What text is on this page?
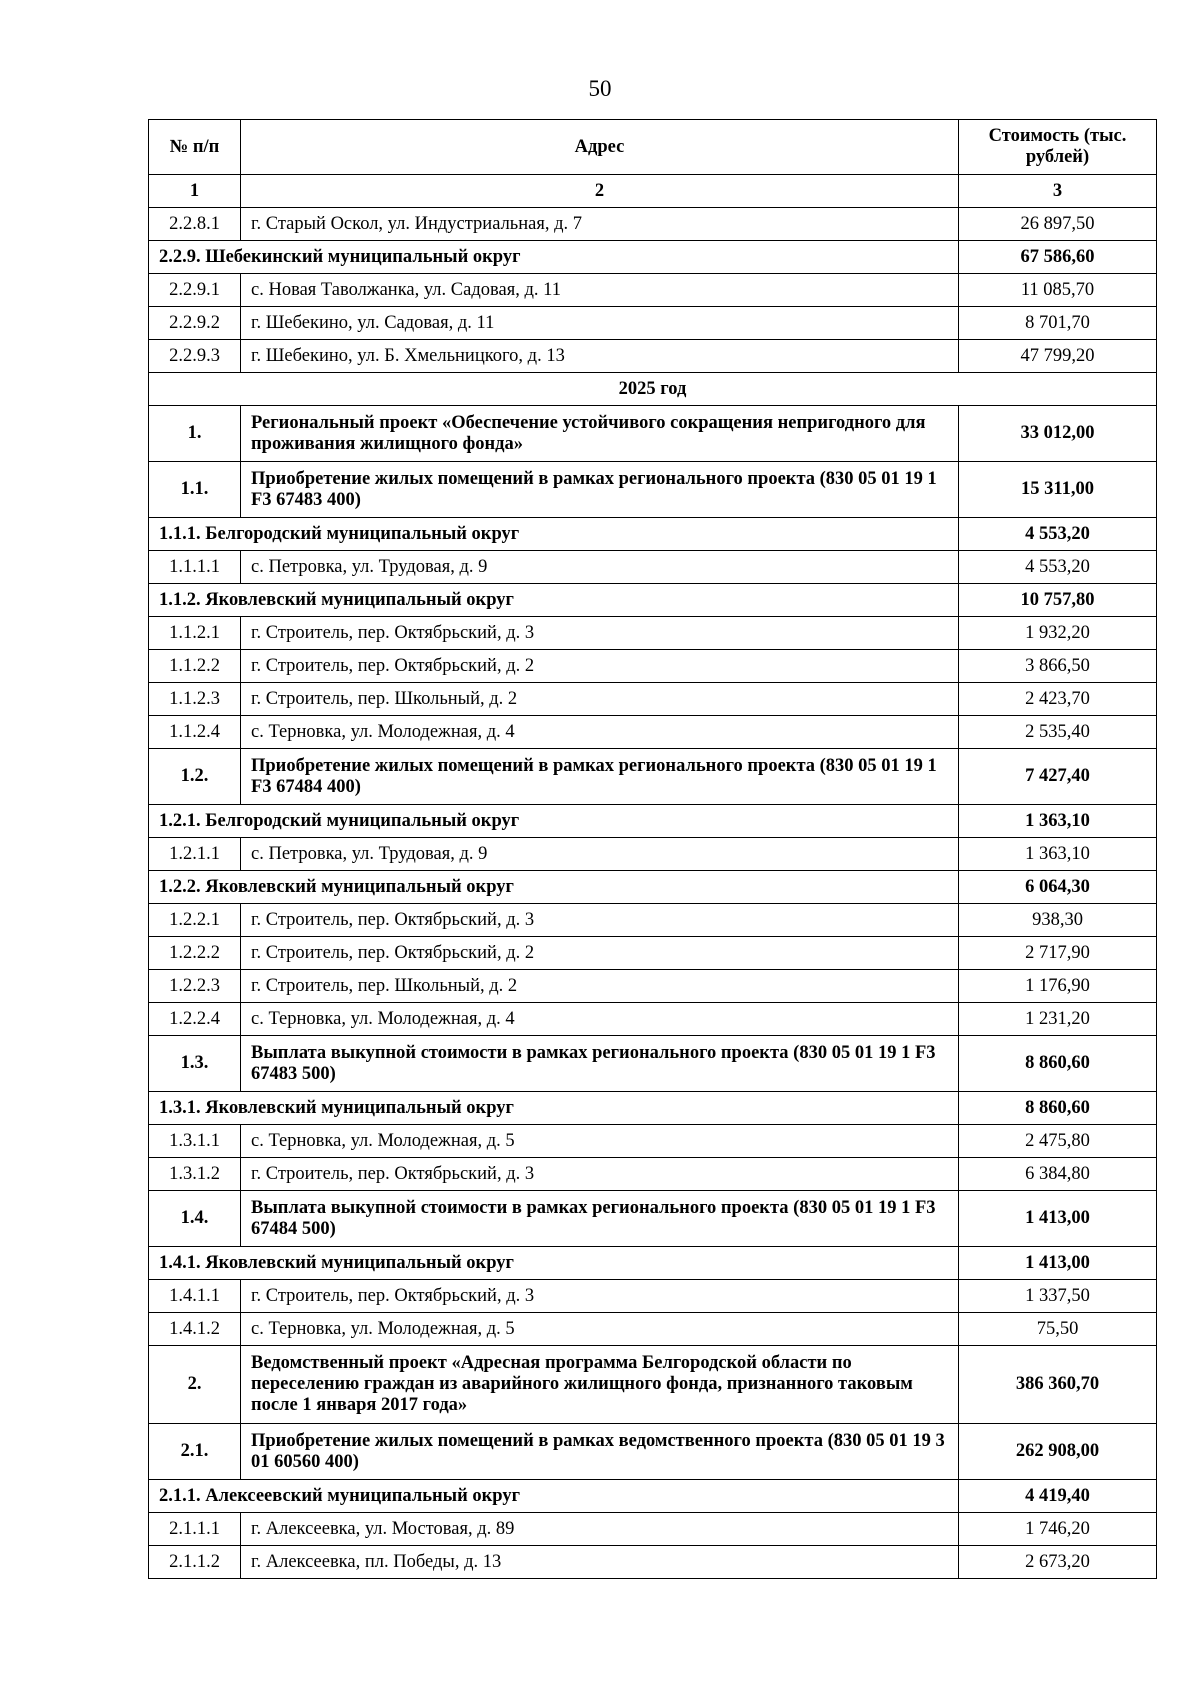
50
№ п/п	Адрес	Стоимость (тыс. рублей)
1	2	3
2.2.8.1	г. Старый Оскол, ул. Индустриальная, д. 7	26 897,50
2.2.9. Шебекинский муниципальный округ		67 586,60
2.2.9.1	с. Новая Таволжанка, ул. Садовая, д. 11	11 085,70
2.2.9.2	г. Шебекино, ул. Садовая, д. 11	8 701,70
2.2.9.3	г. Шебекино, ул. Б. Хмельницкого, д. 13	47 799,20
2025 год		
1.	Региональный проект «Обеспечение устойчивого сокращения непригодного для проживания жилищного фонда»	33 012,00
1.1.	Приобретение жилых помещений в рамках регионального проекта (830 05 01 19 1 F3 67483 400)	15 311,00
1.1.1. Белгородский муниципальный округ		4 553,20
1.1.1.1	с. Петровка, ул. Трудовая, д. 9	4 553,20
1.1.2. Яковлевский муниципальный округ		10 757,80
1.1.2.1	г. Строитель, пер. Октябрьский, д. 3	1 932,20
1.1.2.2	г. Строитель, пер. Октябрьский, д. 2	3 866,50
1.1.2.3	г. Строитель, пер. Школьный, д. 2	2 423,70
1.1.2.4	с. Терновка, ул. Молодежная, д. 4	2 535,40
1.2.	Приобретение жилых помещений в рамках регионального проекта (830 05 01 19 1 F3 67484 400)	7 427,40
1.2.1. Белгородский муниципальный округ		1 363,10
1.2.1.1	с. Петровка, ул. Трудовая, д. 9	1 363,10
1.2.2. Яковлевский муниципальный округ		6 064,30
1.2.2.1	г. Строитель, пер. Октябрьский, д. 3	938,30
1.2.2.2	г. Строитель, пер. Октябрьский, д. 2	2 717,90
1.2.2.3	г. Строитель, пер. Школьный, д. 2	1 176,90
1.2.2.4	с. Терновка, ул. Молодежная, д. 4	1 231,20
1.3.	Выплата выкупной стоимости в рамках регионального проекта (830 05 01 19 1 F3 67483 500)	8 860,60
1.3.1. Яковлевский муниципальный округ		8 860,60
1.3.1.1	с. Терновка, ул. Молодежная, д. 5	2 475,80
1.3.1.2	г. Строитель, пер. Октябрьский, д. 3	6 384,80
1.4.	Выплата выкупной стоимости в рамках регионального проекта (830 05 01 19 1 F3 67484 500)	1 413,00
1.4.1. Яковлевский муниципальный округ		1 413,00
1.4.1.1	г. Строитель, пер. Октябрьский, д. 3	1 337,50
1.4.1.2	с. Терновка, ул. Молодежная, д. 5	75,50
2.	Ведомственный проект «Адресная программа Белгородской области по переселению граждан из аварийного жилищного фонда, признанного таковым после 1 января 2017 года»	386 360,70
2.1.	Приобретение жилых помещений в рамках ведомственного проекта (830 05 01 19 3 01 60560 400)	262 908,00
2.1.1. Алексеевский муниципальный округ		4 419,40
2.1.1.1	г. Алексеевка, ул. Мостовая, д. 89	1 746,20
2.1.1.2	г. Алексеевка, пл. Победы, д. 13	2 673,20
